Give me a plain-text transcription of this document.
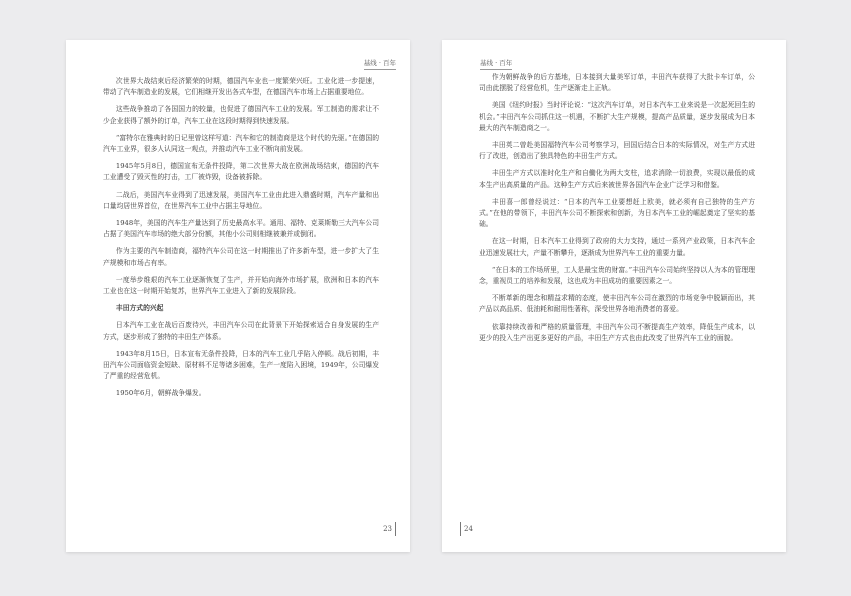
基线 · 百年

次世界大战结束后经济繁荣的时期，德国汽车业也一度繁荣兴旺。工业化进一步提速，带动了汽车制造业的发展，它们相继开发出各式车型，在德国汽车市场上占据重要地位。

这些战争推动了各国国力的较量，也促进了德国汽车工业的发展。军工制造的需求让不少企业获得了额外的订单，汽车工业在这段时期得到快速发展。

“富特尔在雅典时的日记里曾这样写道：汽车和它的制造商是这个时代的先驱。”在德国的汽车工业界，很多人认同这一观点，并推动汽车工业不断向前发展。

1945年5月8日，德国宣布无条件投降，第二次世界大战在欧洲战场结束，德国的汽车工业遭受了毁灭性的打击，工厂被炸毁，设备被拆除。

二战后，美国汽车业得到了迅速发展，美国汽车工业由此进入鼎盛时期，汽车产量和出口量均居世界首位，在世界汽车工业中占据主导地位。

1948年，美国的汽车生产量达到了历史最高水平。通用、福特、克莱斯勒三大汽车公司占据了美国汽车市场的绝大部分份额，其他小公司则相继被兼并或倒闭。

作为主要的汽车制造商，福特汽车公司在这一时期推出了许多新车型，进一步扩大了生产规模和市场占有率。

一度举步维艰的汽车工业逐渐恢复了生产，并开始向海外市场扩展，欧洲和日本的汽车工业也在这一时期开始复苏，世界汽车工业进入了新的发展阶段。

丰田方式的兴起

日本汽车工业在战后百废待兴，丰田汽车公司在此背景下开始探索适合自身发展的生产方式，逐步形成了独特的丰田生产体系。

1943年8月15日，日本宣布无条件投降，日本的汽车工业几乎陷入停顿。战后初期，丰田汽车公司面临资金短缺、原材料不足等诸多困难，生产一度陷入困境，1949年，公司爆发了严重的经营危机。

1950年6月，朝鲜战争爆发。

23
基线 · 百年

作为朝鲜战争的后方基地，日本接到大量美军订单，丰田汽车获得了大批卡车订单，公司由此摆脱了经营危机，生产逐渐走上正轨。

美国《纽约时报》当时评论说：“这次汽车订单，对日本汽车工业来说是一次起死回生的机会。”丰田汽车公司抓住这一机遇，不断扩大生产规模，提高产品质量，逐步发展成为日本最大的汽车制造商之一。

丰田英二曾赴美国福特汽车公司考察学习，回国后结合日本的实际情况，对生产方式进行了改进，创造出了独具特色的丰田生产方式。

丰田生产方式以准时化生产和自働化为两大支柱，追求消除一切浪费，实现以最低的成本生产出高质量的产品。这种生产方式后来被世界各国汽车企业广泛学习和借鉴。

丰田喜一郎曾经说过：“日本的汽车工业要想赶上欧美，就必须有自己独特的生产方式。”在他的带领下，丰田汽车公司不断探索和创新，为日本汽车工业的崛起奠定了坚实的基础。

在这一时期，日本汽车工业得到了政府的大力支持，通过一系列产业政策，日本汽车企业迅速发展壮大，产量不断攀升，逐渐成为世界汽车工业的重要力量。

“在日本的工作场所里，工人是最宝贵的财富。”丰田汽车公司始终坚持以人为本的管理理念，重视员工的培养和发展，这也成为丰田成功的重要因素之一。

不断革新的理念和精益求精的态度，使丰田汽车公司在激烈的市场竞争中脱颖而出，其产品以高品质、低油耗和耐用性著称，深受世界各地消费者的喜爱。

依靠持续改善和严格的质量管理，丰田汽车公司不断提高生产效率，降低生产成本，以更少的投入生产出更多更好的产品，丰田生产方式也由此改变了世界汽车工业的面貌。

24
